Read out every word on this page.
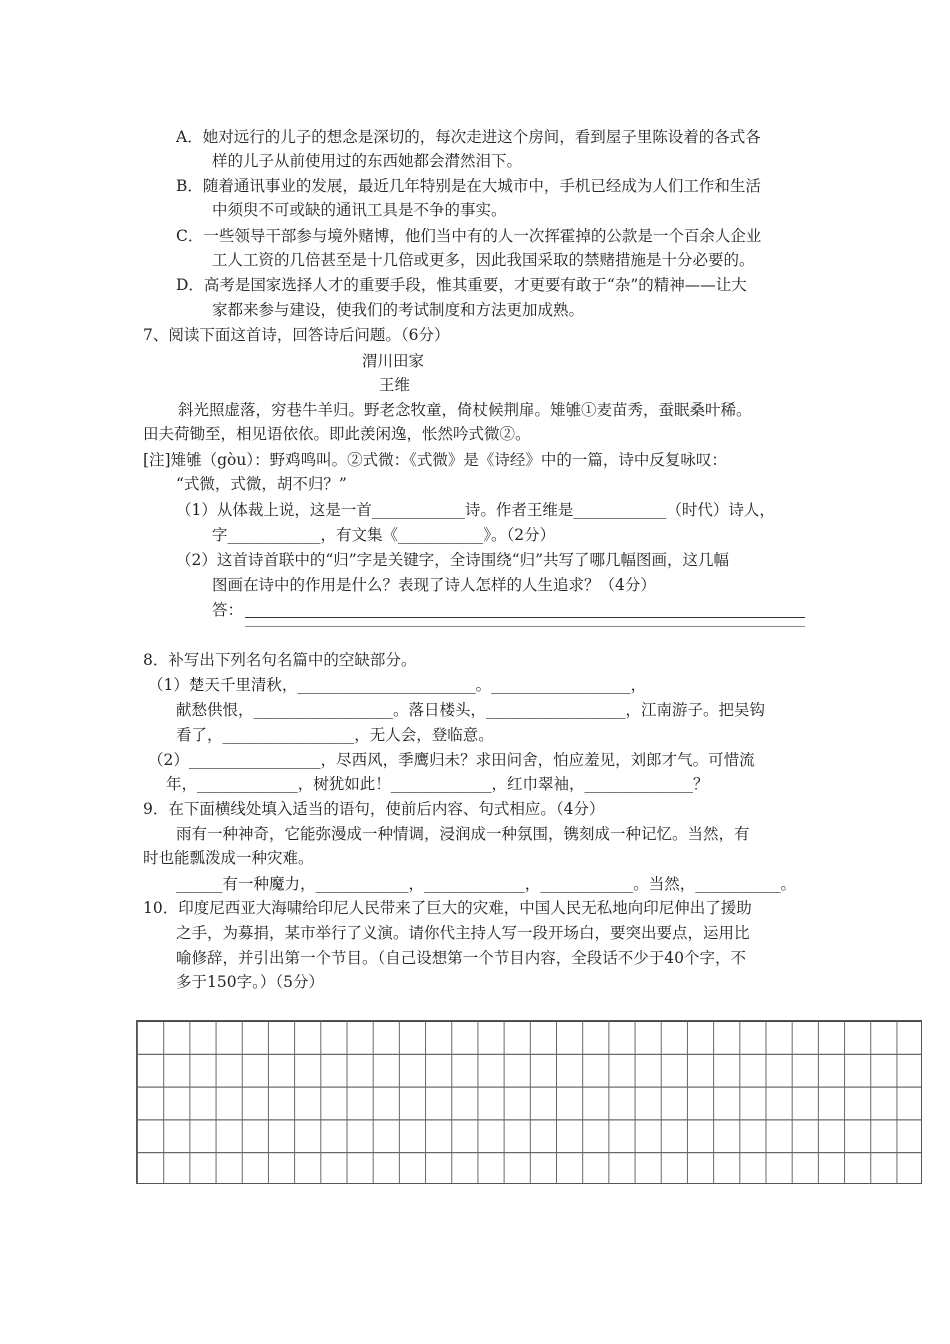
A．她对远行的儿子的想念是深切的，每次走进这个房间，看到屋子里陈设着的各式各
样的儿子从前使用过的东西她都会潸然泪下。
B．随着通讯事业的发展，最近几年特别是在大城市中，手机已经成为人们工作和生活
中须臾不可或缺的通讯工具是不争的事实。
C．一些领导干部参与境外赌博，他们当中有的人一次挥霍掉的公款是一个百余人企业
工人工资的几倍甚至是十几倍或更多，因此我国采取的禁赌措施是十分必要的。
D．高考是国家选择人才的重要手段，惟其重要，才更要有敢于“杂”的精神——让大
家都来参与建设，使我们的考试制度和方法更加成熟。
7、阅读下面这首诗，回答诗后问题。（6分）
渭川田家
王维
斜光照虚落，穷巷牛羊归。野老念牧童，倚杖候荆扉。雉雊①麦苗秀，蚕眠桑叶稀。
田夫荷锄至，相见语依依。即此羡闲逸，怅然吟式微②。
[注]雉雊（gòu）：野鸡鸣叫。②式微：《式微》是《诗经》中的一篇，诗中反复咏叹：
“式微，式微，胡不归？”
（1）从体裁上说，这是一首____________诗。作者王维是____________（时代）诗人，
字____________，有文集《___________》。（2分）
（2）这首诗首联中的“归”字是关键字，全诗围绕“归”共写了哪几幅图画，这几幅
图画在诗中的作用是什么？表现了诗人怎样的人生追求？（4分）
答：
8．补写出下列名句名篇中的空缺部分。
（1）楚天千里清秋，_______________________。__________________，
献愁供恨，__________________。落日楼头，__________________，江南游子。把吴钩
看了，_________________，无人会，登临意。
（2）_________________，尽西风，季鹰归未？求田问舍，怕应羞见，刘郎才气。可惜流
年，_____________，树犹如此！_____________，红巾翠袖，______________？
9．在下面横线处填入适当的语句，使前后内容、句式相应。（4分）
雨有一种神奇，它能弥漫成一种情调，浸润成一种氛围，镌刻成一种记忆。当然，有
时也能瓢泼成一种灾难。
______有一种魔力，____________，_____________，____________。当然，___________。
10．印度尼西亚大海啸给印尼人民带来了巨大的灾难，中国人民无私地向印尼伸出了援助
之手，为募捐，某市举行了义演。请你代主持人写一段开场白，要突出要点，运用比
喻修辞，并引出第一个节目。（自己设想第一个节目内容，全段话不少于40个字，不
多于150字。）（5分）
